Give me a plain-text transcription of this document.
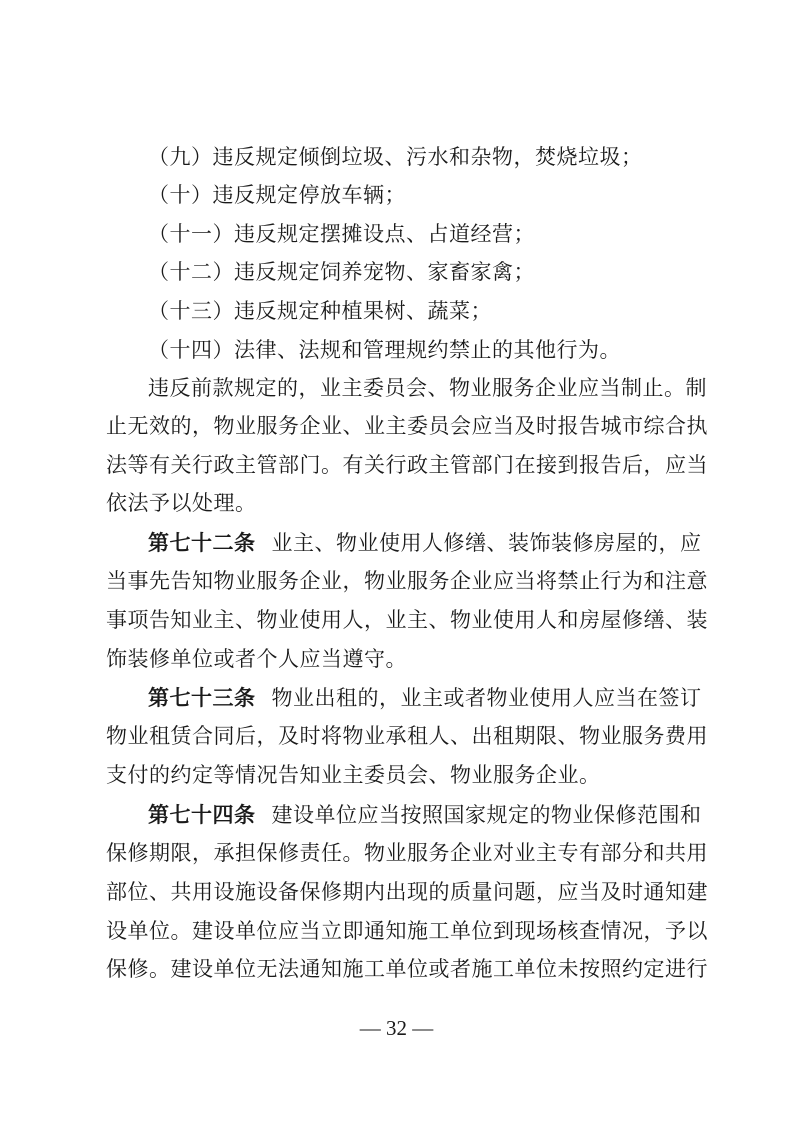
（九）违反规定倾倒垃圾、污水和杂物，焚烧垃圾；
（十）违反规定停放车辆；
（十一）违反规定摆摊设点、占道经营；
（十二）违反规定饲养宠物、家畜家禽；
（十三）违反规定种植果树、蔬菜；
（十四）法律、法规和管理规约禁止的其他行为。
违反前款规定的，业主委员会、物业服务企业应当制止。制
止无效的，物业服务企业、业主委员会应当及时报告城市综合执
法等有关行政主管部门。有关行政主管部门在接到报告后，应当
依法予以处理。
第七十二条 业主、物业使用人修缮、装饰装修房屋的，应
当事先告知物业服务企业，物业服务企业应当将禁止行为和注意
事项告知业主、物业使用人，业主、物业使用人和房屋修缮、装
饰装修单位或者个人应当遵守。
第七十三条 物业出租的，业主或者物业使用人应当在签订
物业租赁合同后，及时将物业承租人、出租期限、物业服务费用
支付的约定等情况告知业主委员会、物业服务企业。
第七十四条 建设单位应当按照国家规定的物业保修范围和
保修期限，承担保修责任。物业服务企业对业主专有部分和共用
部位、共用设施设备保修期内出现的质量问题，应当及时通知建
设单位。建设单位应当立即通知施工单位到现场核查情况，予以
保修。建设单位无法通知施工单位或者施工单位未按照约定进行
— 32 —
